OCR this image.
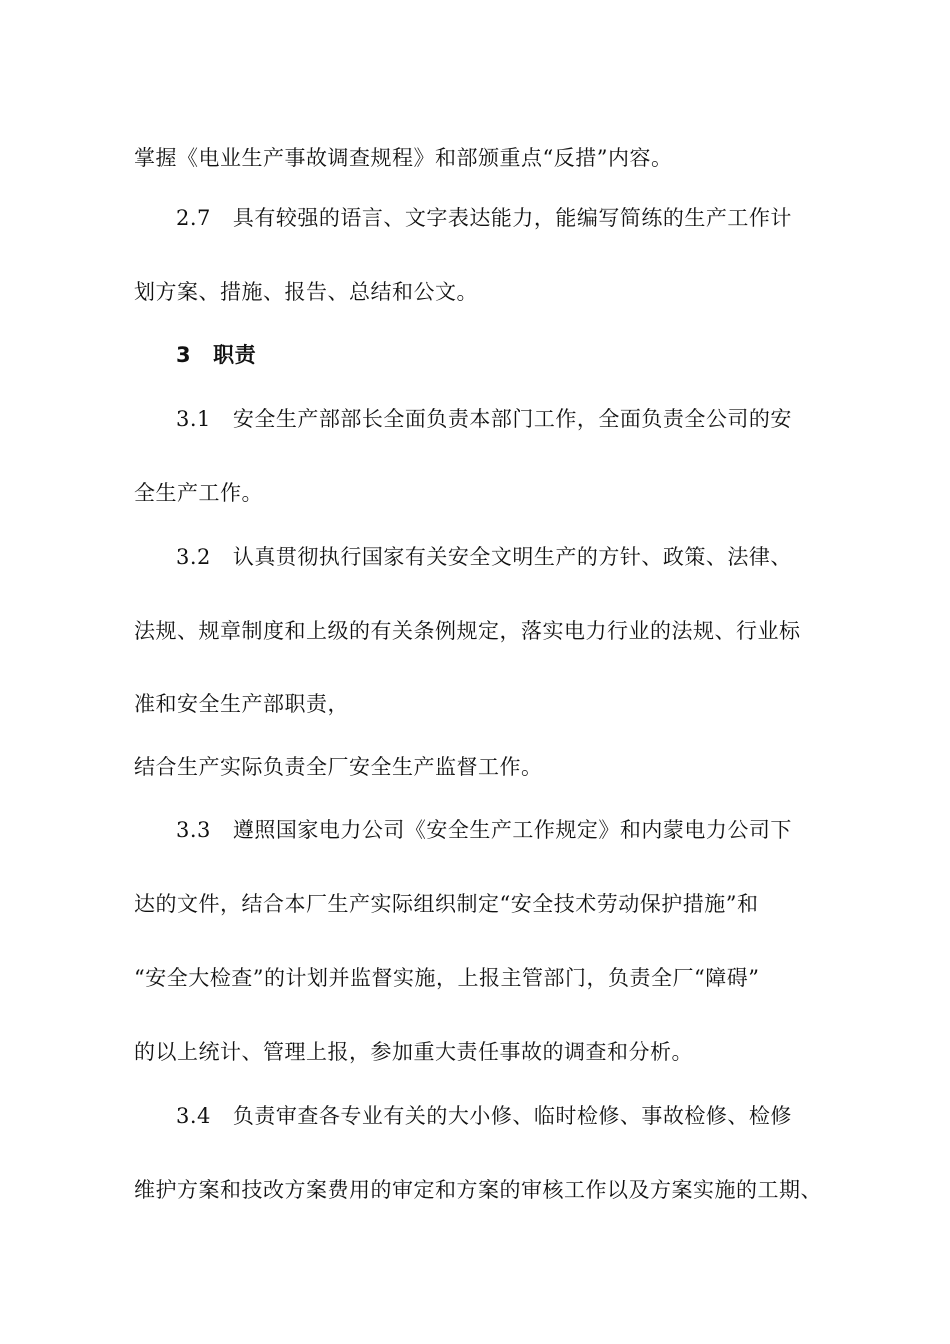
掌握《电业生产事故调查规程》和部颁重点“反措”内容。
2.7 具有较强的语言、文字表达能力，能编写简练的生产工作计
划方案、措施、报告、总结和公文。
3 职责
3.1 安全生产部部长全面负责本部门工作，全面负责全公司的安
全生产工作。
3.2 认真贯彻执行国家有关安全文明生产的方针、政策、法律、
法规、规章制度和上级的有关条例规定，落实电力行业的法规、行业标
准和安全生产部职责，
结合生产实际负责全厂安全生产监督工作。
3.3 遵照国家电力公司《安全生产工作规定》和内蒙电力公司下
达的文件，结合本厂生产实际组织制定“安全技术劳动保护措施”和
“安全大检查”的计划并监督实施，上报主管部门，负责全厂“障碍”
的以上统计、管理上报，参加重大责任事故的调查和分析。
3.4 负责审查各专业有关的大小修、临时检修、事故检修、检修
维护方案和技改方案费用的审定和方案的审核工作以及方案实施的工期、
